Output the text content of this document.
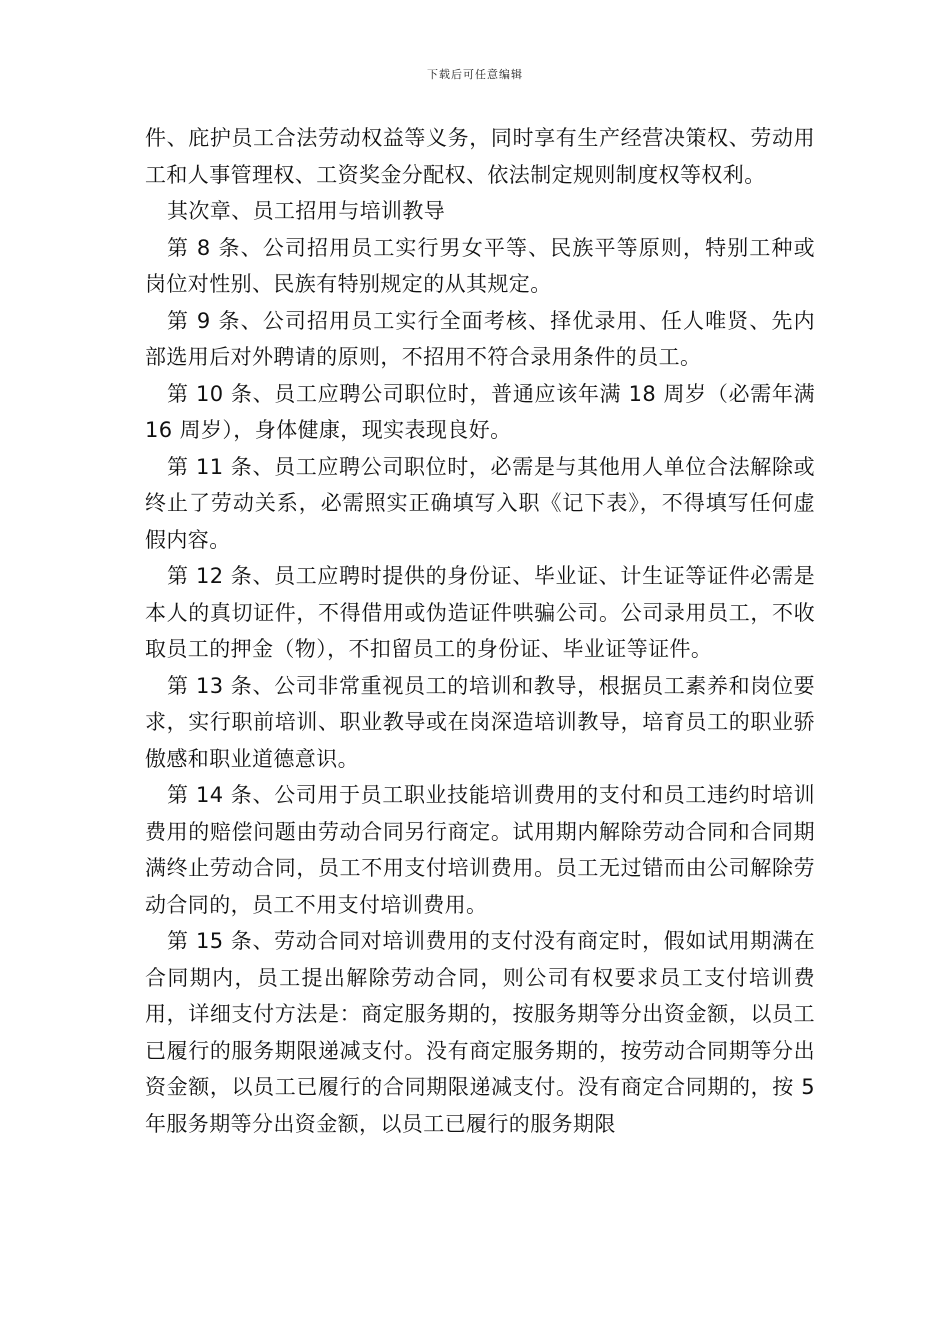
下载后可任意编辑

件、庇护员工合法劳动权益等义务，同时享有生产经营决策权、劳动用工和人事管理权、工资奖金分配权、依法制定规则制度权等权利。

其次章、员工招用与培训教导

第 8 条、公司招用员工实行男女平等、民族平等原则，特别工种或岗位对性别、民族有特别规定的从其规定。

第 9 条、公司招用员工实行全面考核、择优录用、任人唯贤、先内部选用后对外聘请的原则，不招用不符合录用条件的员工。

第 10 条、员工应聘公司职位时，普通应该年满 18 周岁（必需年满 16 周岁），身体健康，现实表现良好。

第 11 条、员工应聘公司职位时，必需是与其他用人单位合法解除或终止了劳动关系，必需照实正确填写入职《记下表》，不得填写任何虚假内容。

第 12 条、员工应聘时提供的身份证、毕业证、计生证等证件必需是本人的真切证件，不得借用或伪造证件哄骗公司。公司录用员工，不收取员工的押金（物），不扣留员工的身份证、毕业证等证件。

第 13 条、公司非常重视员工的培训和教导，根据员工素养和岗位要求，实行职前培训、职业教导或在岗深造培训教导，培育员工的职业骄傲感和职业道德意识。

第 14 条、公司用于员工职业技能培训费用的支付和员工违约时培训费用的赔偿问题由劳动合同另行商定。试用期内解除劳动合同和合同期满终止劳动合同，员工不用支付培训费用。员工无过错而由公司解除劳动合同的，员工不用支付培训费用。

第 15 条、劳动合同对培训费用的支付没有商定时，假如试用期满在合同期内，员工提出解除劳动合同，则公司有权要求员工支付培训费用，详细支付方法是：商定服务期的，按服务期等分出资金额，以员工已履行的服务期限递减支付。没有商定服务期的，按劳动合同期等分出资金额，以员工已履行的合同期限递减支付。没有商定合同期的，按 5 年服务期等分出资金额，以员工已履行的服务期限
